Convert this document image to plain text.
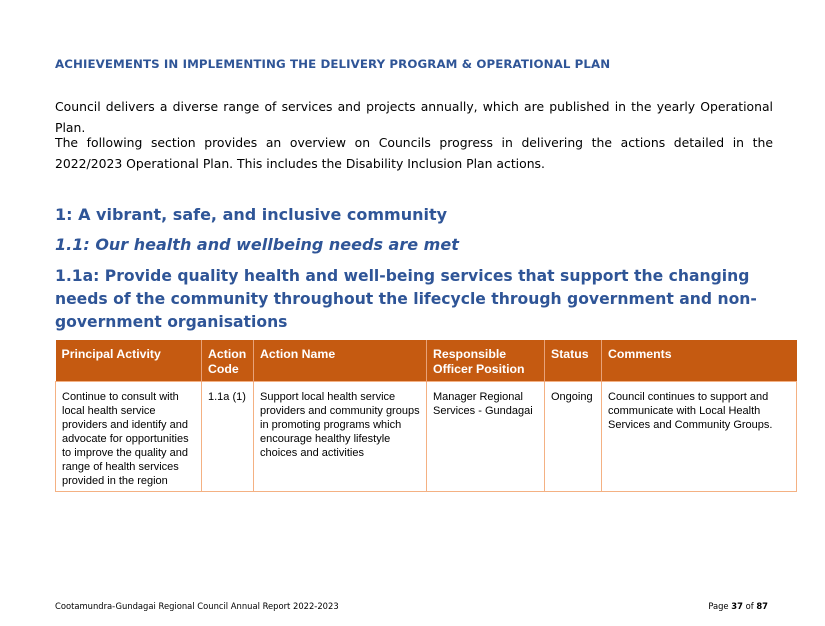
ACHIEVEMENTS IN IMPLEMENTING THE DELIVERY PROGRAM & OPERATIONAL PLAN

Council delivers a diverse range of services and projects annually, which are published in the yearly Operational Plan.

The following section provides an overview on Councils progress in delivering the actions detailed in the 2022/2023 Operational Plan. This includes the Disability Inclusion Plan actions.

1: A vibrant, safe, and inclusive community
1.1: Our health and wellbeing needs are met
1.1a: Provide quality health and well-being services that support the changing needs of the community throughout the lifecycle through government and non-government organisations
Principal Activity	Action Code	Action Name	Responsible Officer Position	Status	Comments
Continue to consult with local health service providers and identify and advocate for opportunities to improve the quality and range of health services provided in the region	1.1a (1)	Support local health service providers and community groups in promoting programs which encourage healthy lifestyle choices and activities	Manager Regional Services - Gundagai	Ongoing	Council continues to support and communicate with Local Health Services and Community Groups.

Cootamundra-Gundagai Regional Council Annual Report 2022-2023	Page 37 of 87
